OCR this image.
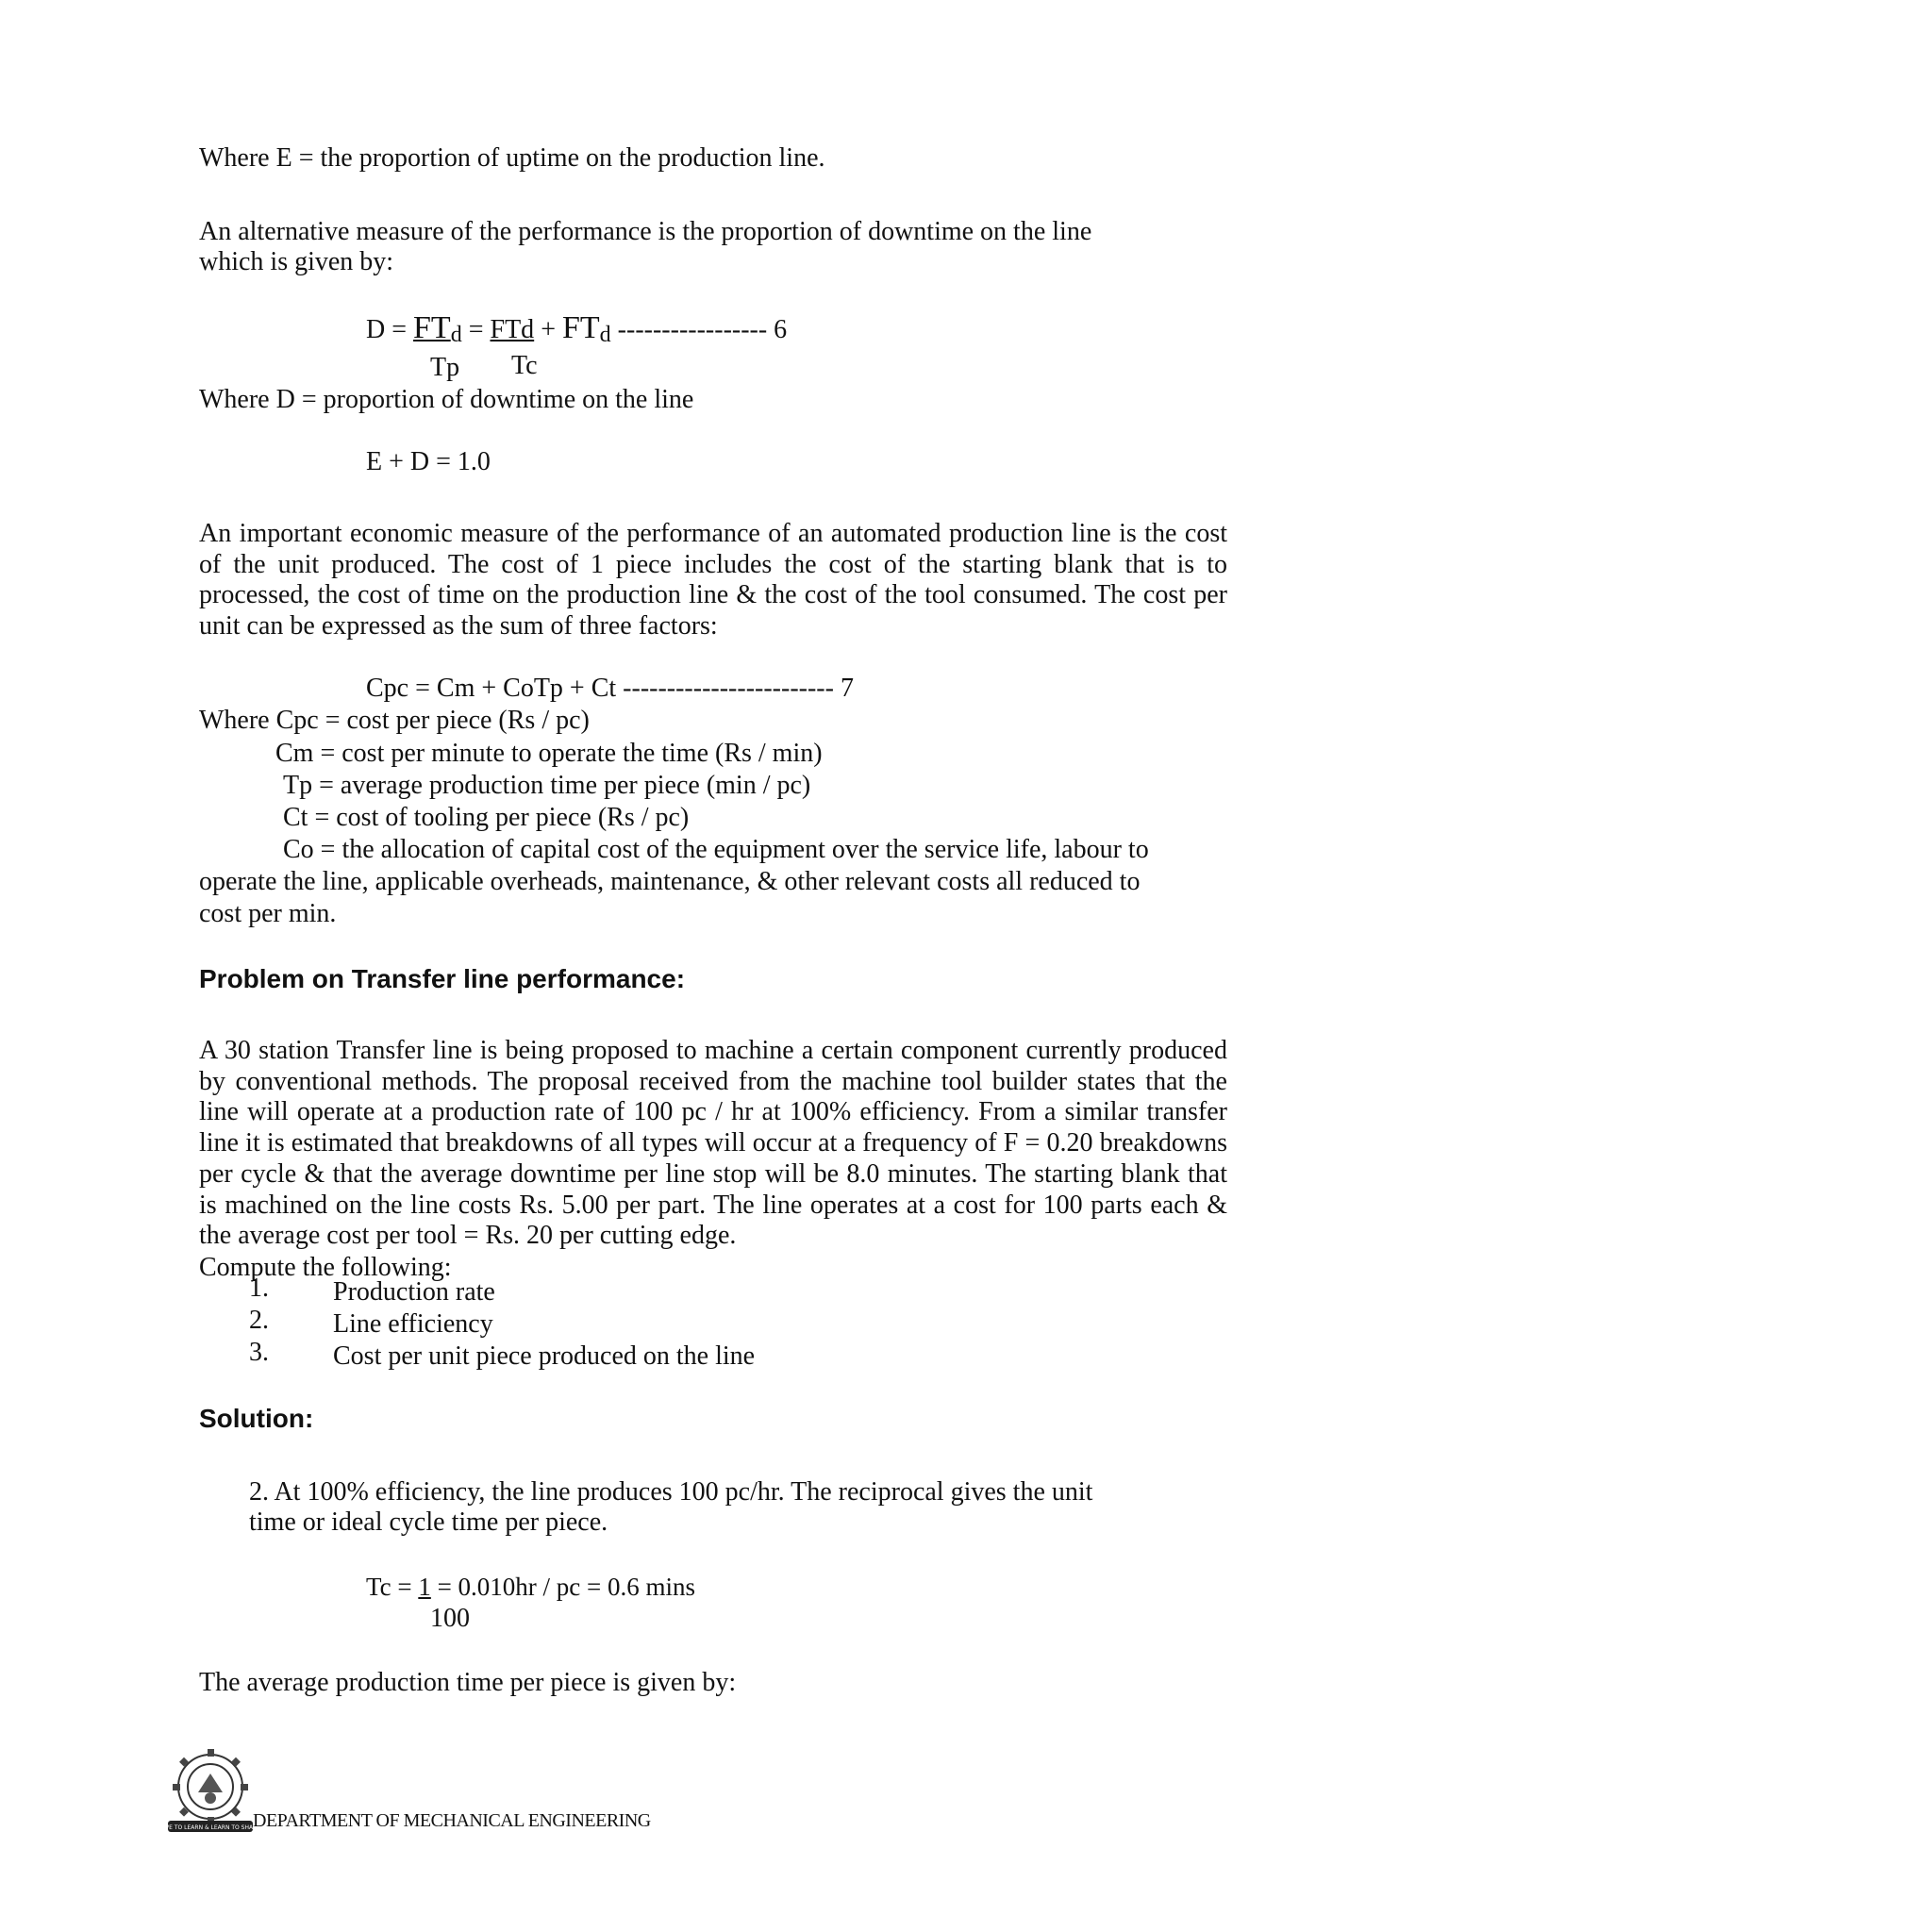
Where E = the proportion of uptime on the production line.
An alternative measure of the performance is the proportion of downtime on the line
which is given by:
D = FTd = FTd + FTd ----------------- 6
Tp Tc
Where D = proportion of downtime on the line
E + D = 1.0
An important economic measure of the performance of an automated production line is the cost of the unit produced. The cost of 1 piece includes the cost of the starting blank that is to processed, the cost of time on the production line & the cost of the tool consumed. The cost per unit can be expressed as the sum of three factors:
Cpc = Cm + CoTp + Ct ------------------------ 7
Where Cpc = cost per piece (Rs / pc)
Cm = cost per minute to operate the time (Rs / min)
Tp = average production time per piece (min / pc)
Ct = cost of tooling per piece (Rs / pc)
Co = the allocation of capital cost of the equipment over the service life, labour to
operate the line, applicable overheads, maintenance, & other relevant costs all reduced to
cost per min.
Problem on Transfer line performance:
A 30 station Transfer line is being proposed to machine a certain component currently produced by conventional methods. The proposal received from the machine tool builder states that the line will operate at a production rate of 100 pc / hr at 100% efficiency. From a similar transfer line it is estimated that breakdowns of all types will occur at a frequency of F = 0.20 breakdowns per cycle & that the average downtime per line stop will be 8.0 minutes. The starting blank that is machined on the line costs Rs. 5.00 per part. The line operates at a cost for 100 parts each & the average cost per tool = Rs. 20 per cutting edge.
Compute the following:
1. Production rate
2. Line efficiency
3. Cost per unit piece produced on the line
Solution:
2. At 100% efficiency, the line produces 100 pc/hr. The reciprocal gives the unit
time or ideal cycle time per piece.
Tc = 1 = 0.010hr / pc = 0.6 mins
100
The average production time per piece is given by:
LIVE TO LEARN & LEARN TO SHARE
DEPARTMENT OF MECHANICAL ENGINEERING
